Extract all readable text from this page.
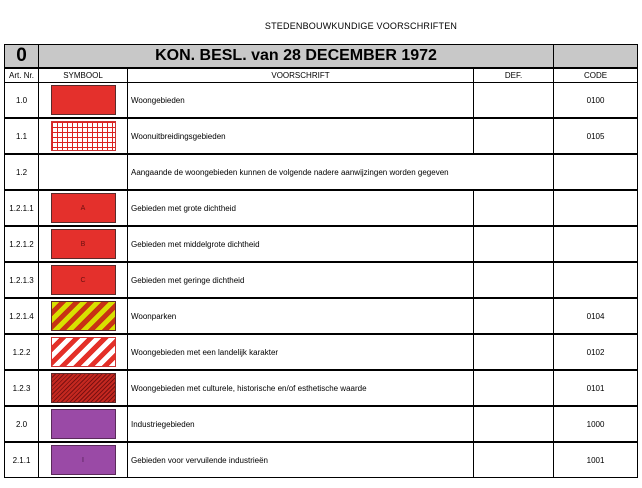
STEDENBOUWKUNDIGE VOORSCHRIFTEN
0	KON. BESL. van 28 DECEMBER 1972			
Art. Nr.	SYMBOOL	VOORSCHRIFT	DEF.	CODE
1.0		Woongebieden		0100
1.1		Woonuitbreidingsgebieden		0105
1.2		Aangaande de woongebieden kunnen de volgende nadere aanwijzingen worden gegeven		
1.2.1.1	A	Gebieden met grote dichtheid		
1.2.1.2	B	Gebieden met middelgrote dichtheid		
1.2.1.3	C	Gebieden met geringe dichtheid		
1.2.1.4		Woonparken		0104
1.2.2		Woongebieden met een landelijk karakter		0102
1.2.3		Woongebieden met culturele, historische en/of esthetische waarde		0101
2.0		Industriegebieden		1000
2.1.1	I	Gebieden voor vervuilende industrieën		1001
